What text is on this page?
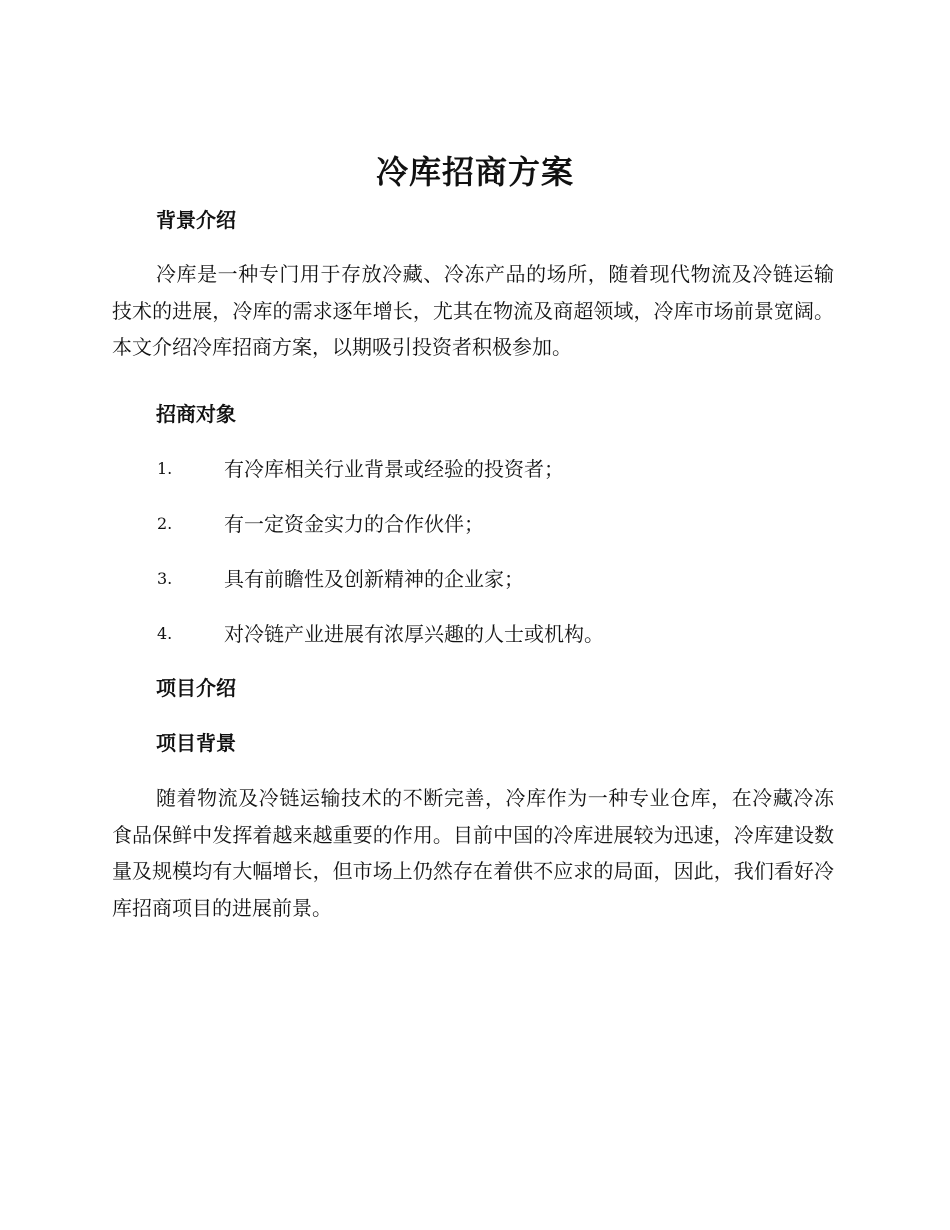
冷库招商方案
背景介绍

冷库是一种专门用于存放冷藏、冷冻产品的场所，随着现代物流及冷链运输技术的进展，冷库的需求逐年增长，尤其在物流及商超领域，冷库市场前景宽阔。本文介绍冷库招商方案，以期吸引投资者积极参加。

招商对象
1.	有冷库相关行业背景或经验的投资者；
2.	有一定资金实力的合作伙伴；
3.	具有前瞻性及创新精神的企业家；
4.	对冷链产业进展有浓厚兴趣的人士或机构。
项目介绍
项目背景

随着物流及冷链运输技术的不断完善，冷库作为一种专业仓库，在冷藏冷冻食品保鲜中发挥着越来越重要的作用。目前中国的冷库进展较为迅速，冷库建设数量及规模均有大幅增长，但市场上仍然存在着供不应求的局面，因此，我们看好冷库招商项目的进展前景。
